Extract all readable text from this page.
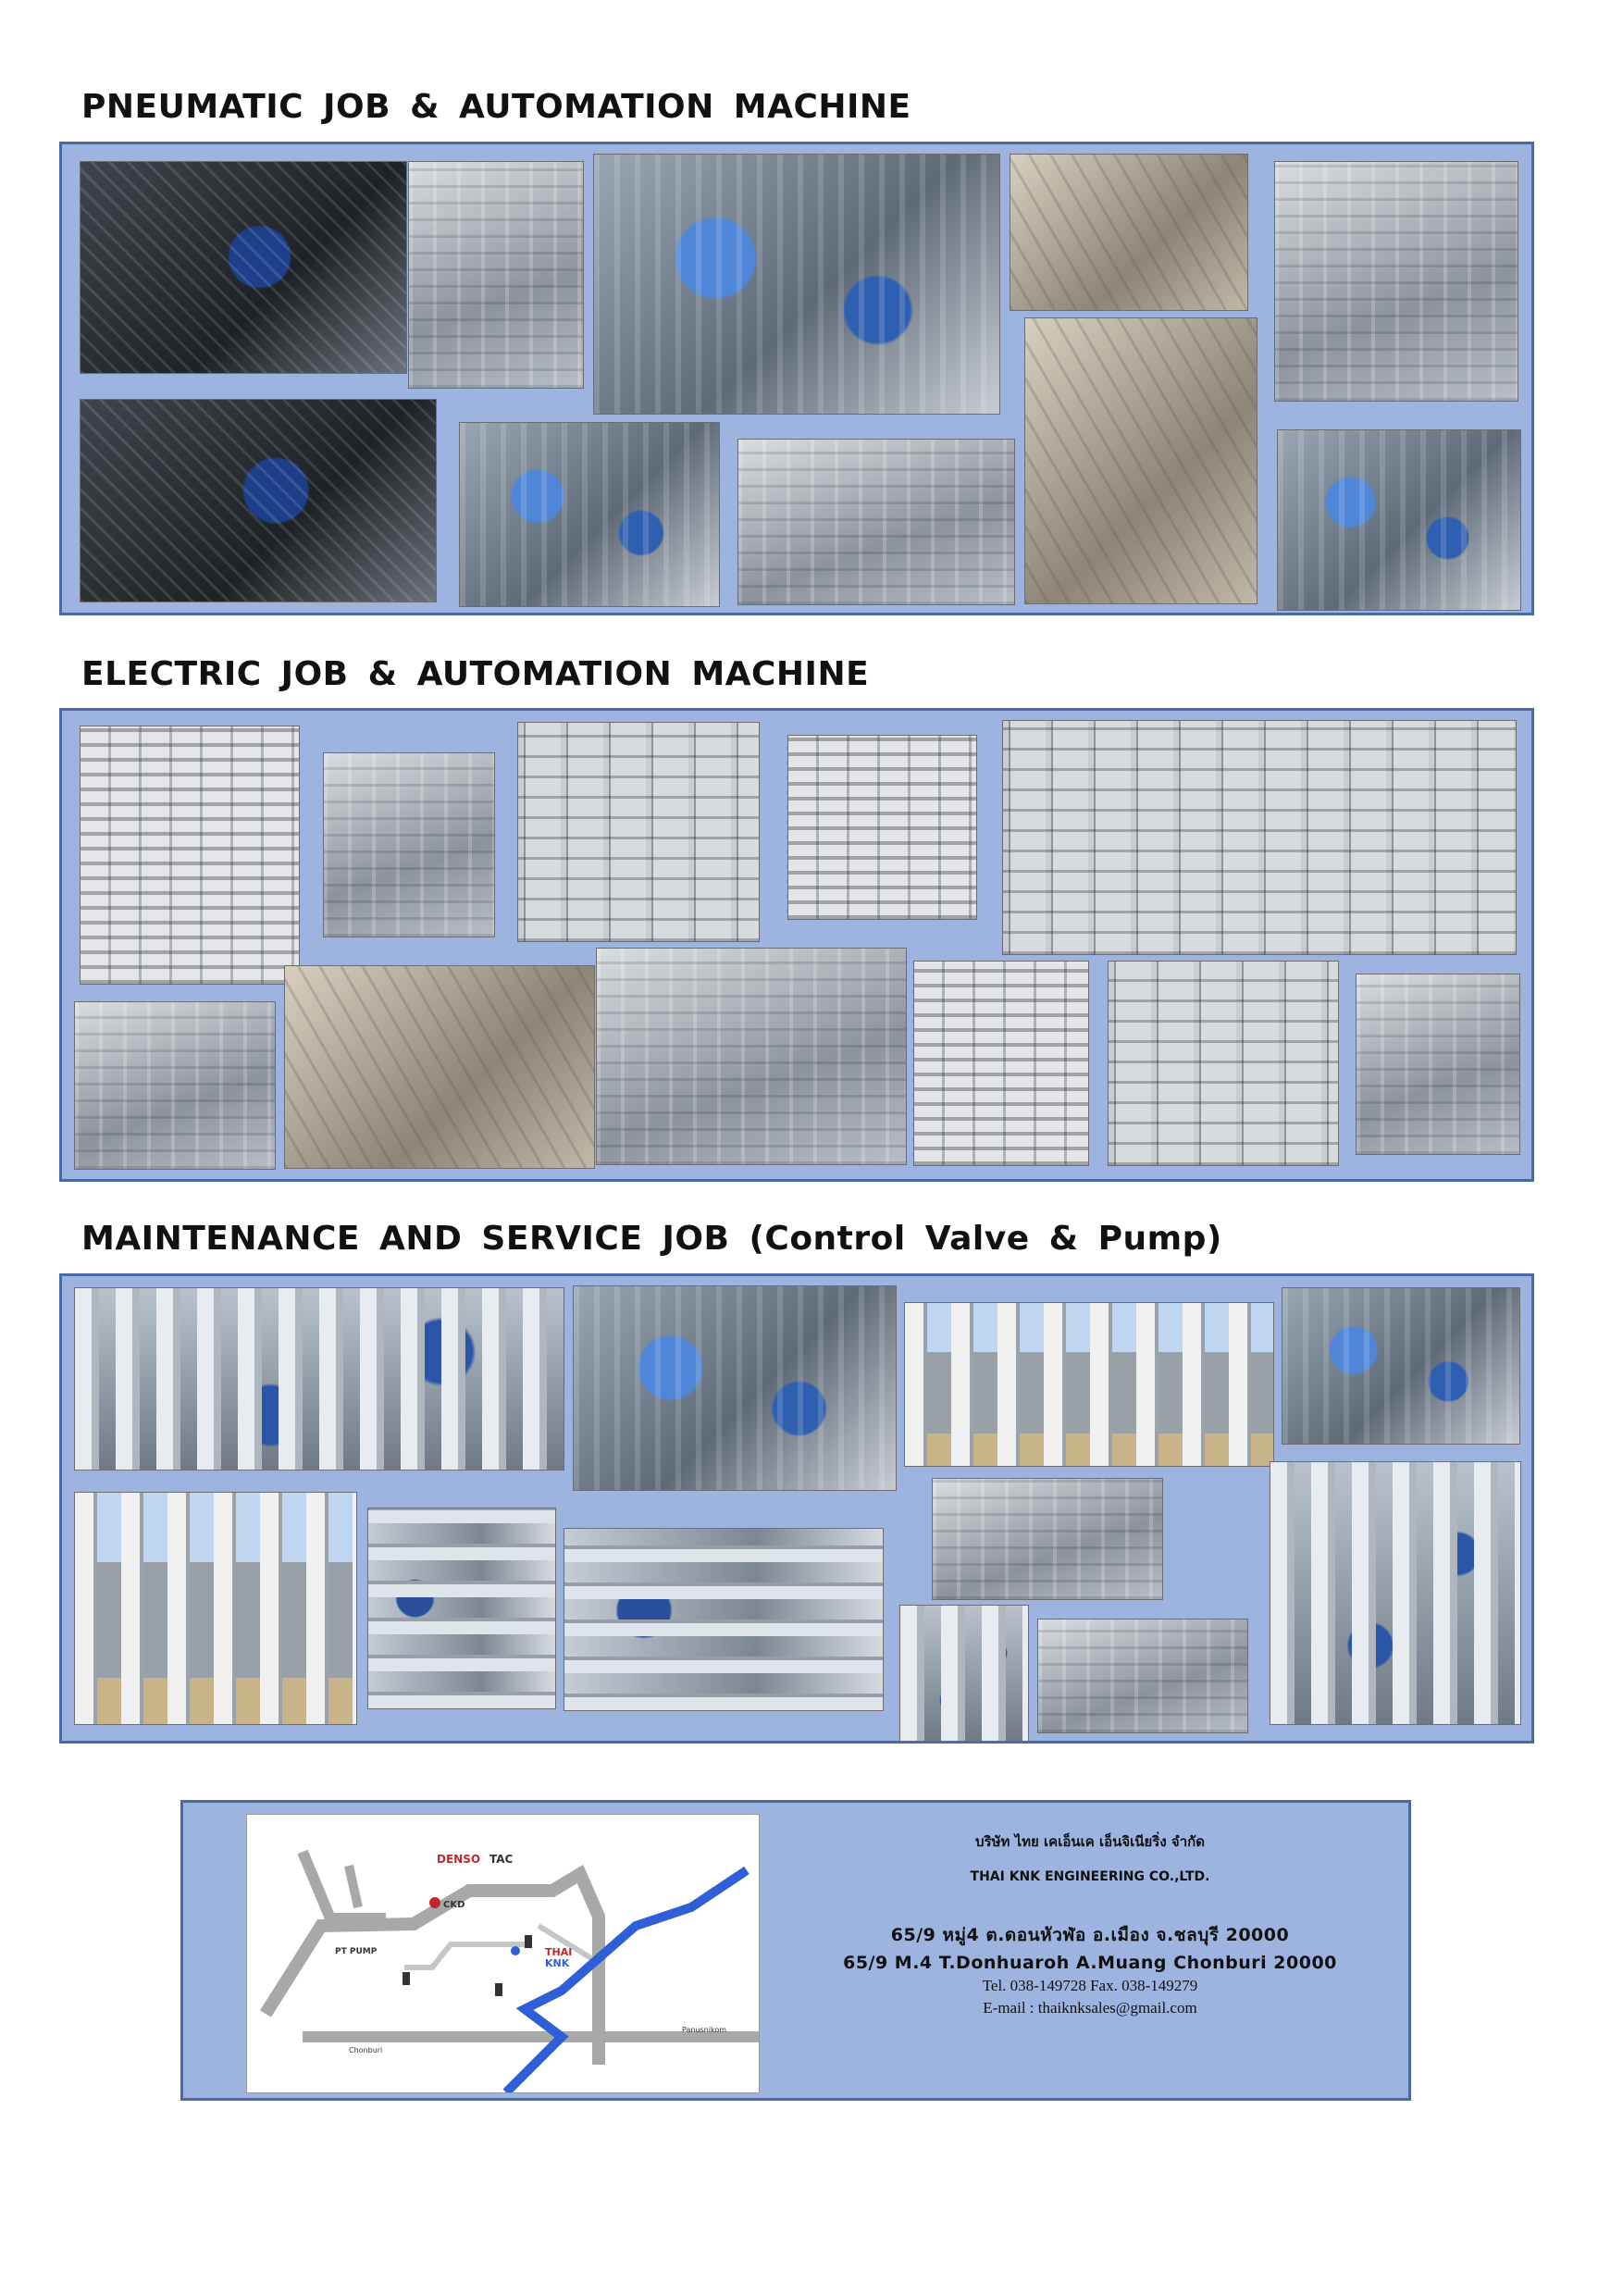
PNEUMATIC JOB & AUTOMATION MACHINE
ELECTRIC JOB & AUTOMATION MACHINE
MAINTENANCE AND SERVICE JOB (Control Valve & Pump)
DENSO TAC
CKD
PT PUMP	THAI
KNK
Chonburi
Panusnikom
บริษัท ไทย เคเอ็นเค เอ็นจิเนียริ่ง จำกัด
THAI KNK ENGINEERING CO.,LTD.
65/9 หมู่4 ต.ดอนหัวฬ่อ อ.เมือง จ.ชลบุรี 20000
65/9 M.4 T.Donhuaroh A.Muang Chonburi 20000
Tel. 038-149728 Fax. 038-149279
E-mail : thaiknksales@gmail.com
